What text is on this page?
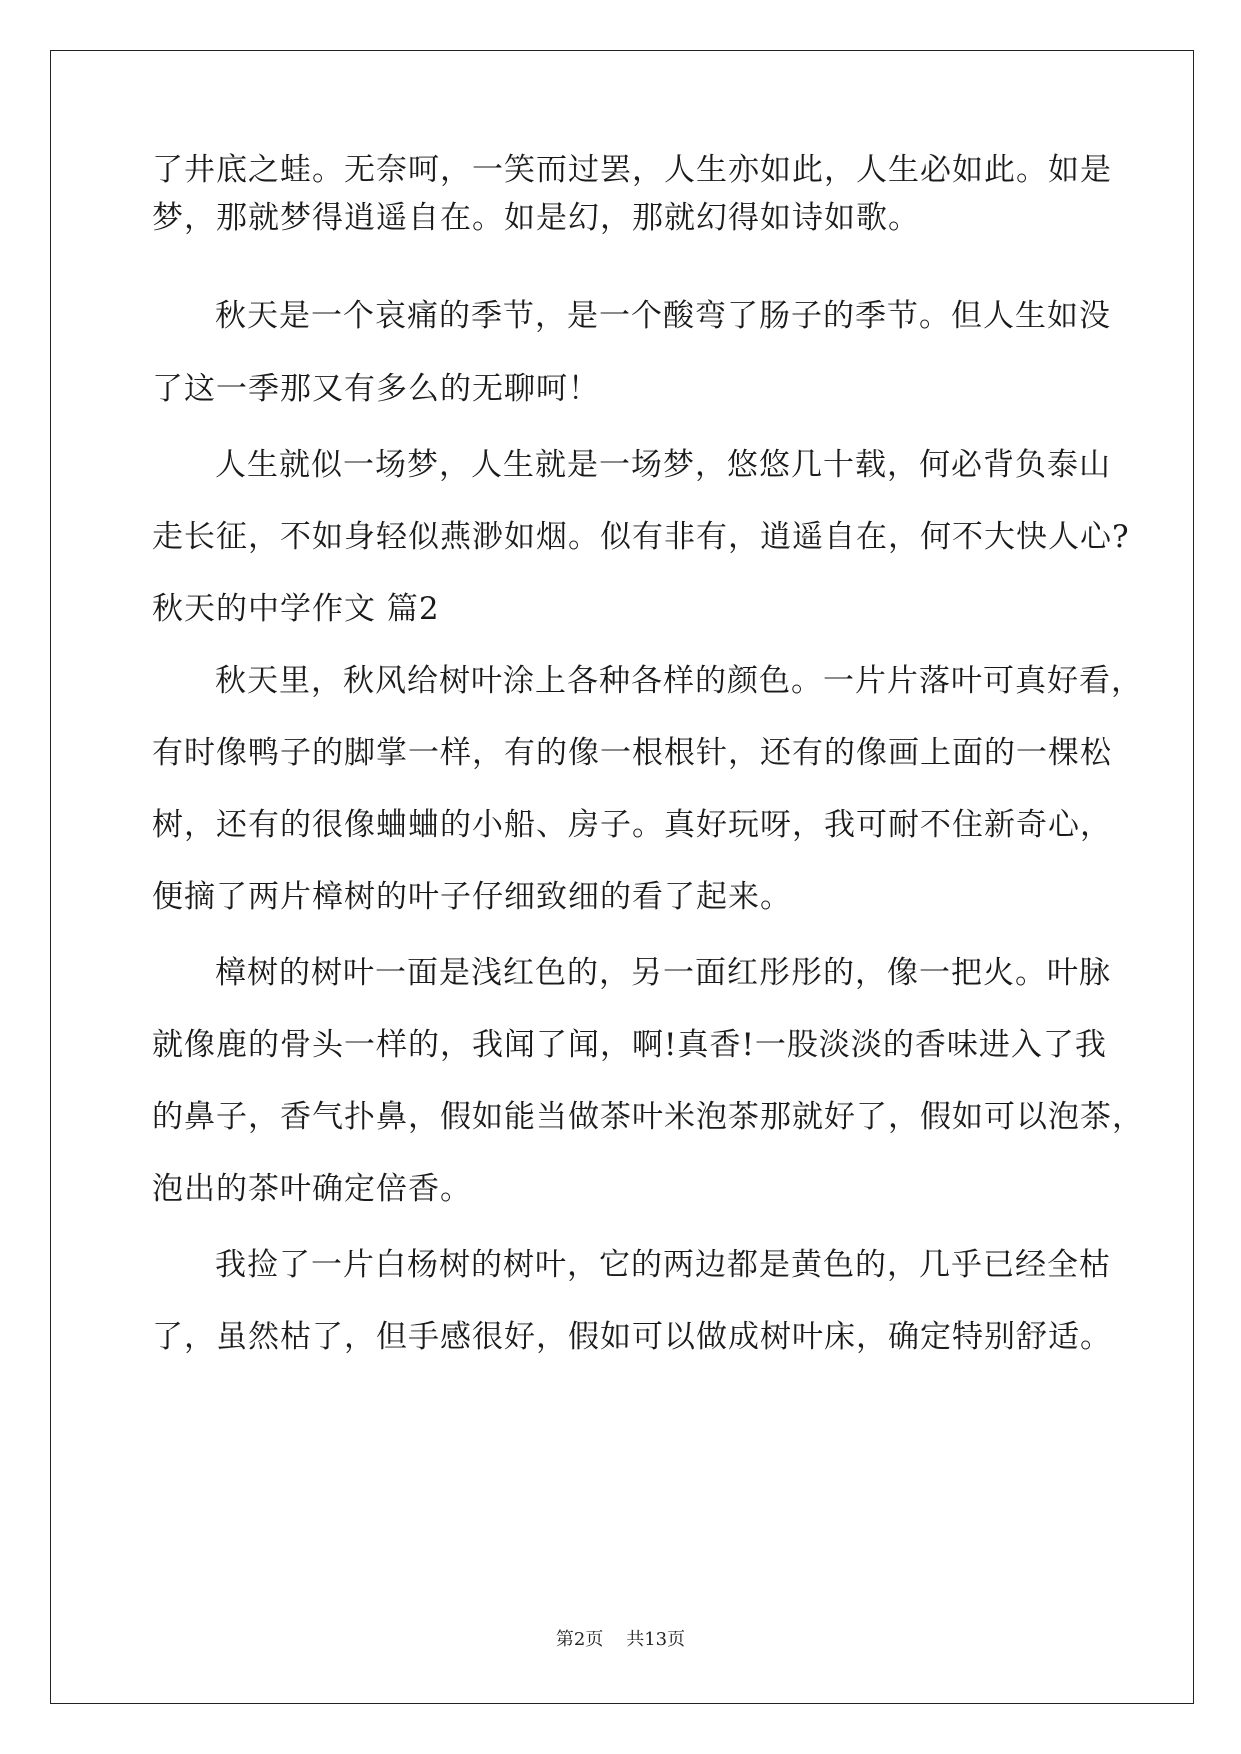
了井底之蛙。无奈呵，一笑而过罢，人生亦如此，人生必如此。如是
梦，那就梦得逍遥自在。如是幻，那就幻得如诗如歌。
秋天是一个哀痛的季节，是一个酸弯了肠子的季节。但人生如没
了这一季那又有多么的无聊呵！
人生就似一场梦，人生就是一场梦，悠悠几十载，何必背负泰山
走长征，不如身轻似燕渺如烟。似有非有，逍遥自在，何不大快人心?
秋天的中学作文 篇2
秋天里，秋风给树叶涂上各种各样的颜色。一片片落叶可真好看，
有时像鸭子的脚掌一样，有的像一根根针，还有的像画上面的一棵松
树，还有的很像蛐蛐的小船、房子。真好玩呀，我可耐不住新奇心，
便摘了两片樟树的叶子仔细致细的看了起来。
樟树的树叶一面是浅红色的，另一面红彤彤的，像一把火。叶脉
就像鹿的骨头一样的，我闻了闻，啊!真香!一股淡淡的香味进入了我
的鼻子，香气扑鼻，假如能当做茶叶米泡茶那就好了，假如可以泡茶，
泡出的茶叶确定倍香。
我捡了一片白杨树的树叶，它的两边都是黄色的，几乎已经全枯
了，虽然枯了，但手感很好，假如可以做成树叶床，确定特别舒适。
第2页 共13页
